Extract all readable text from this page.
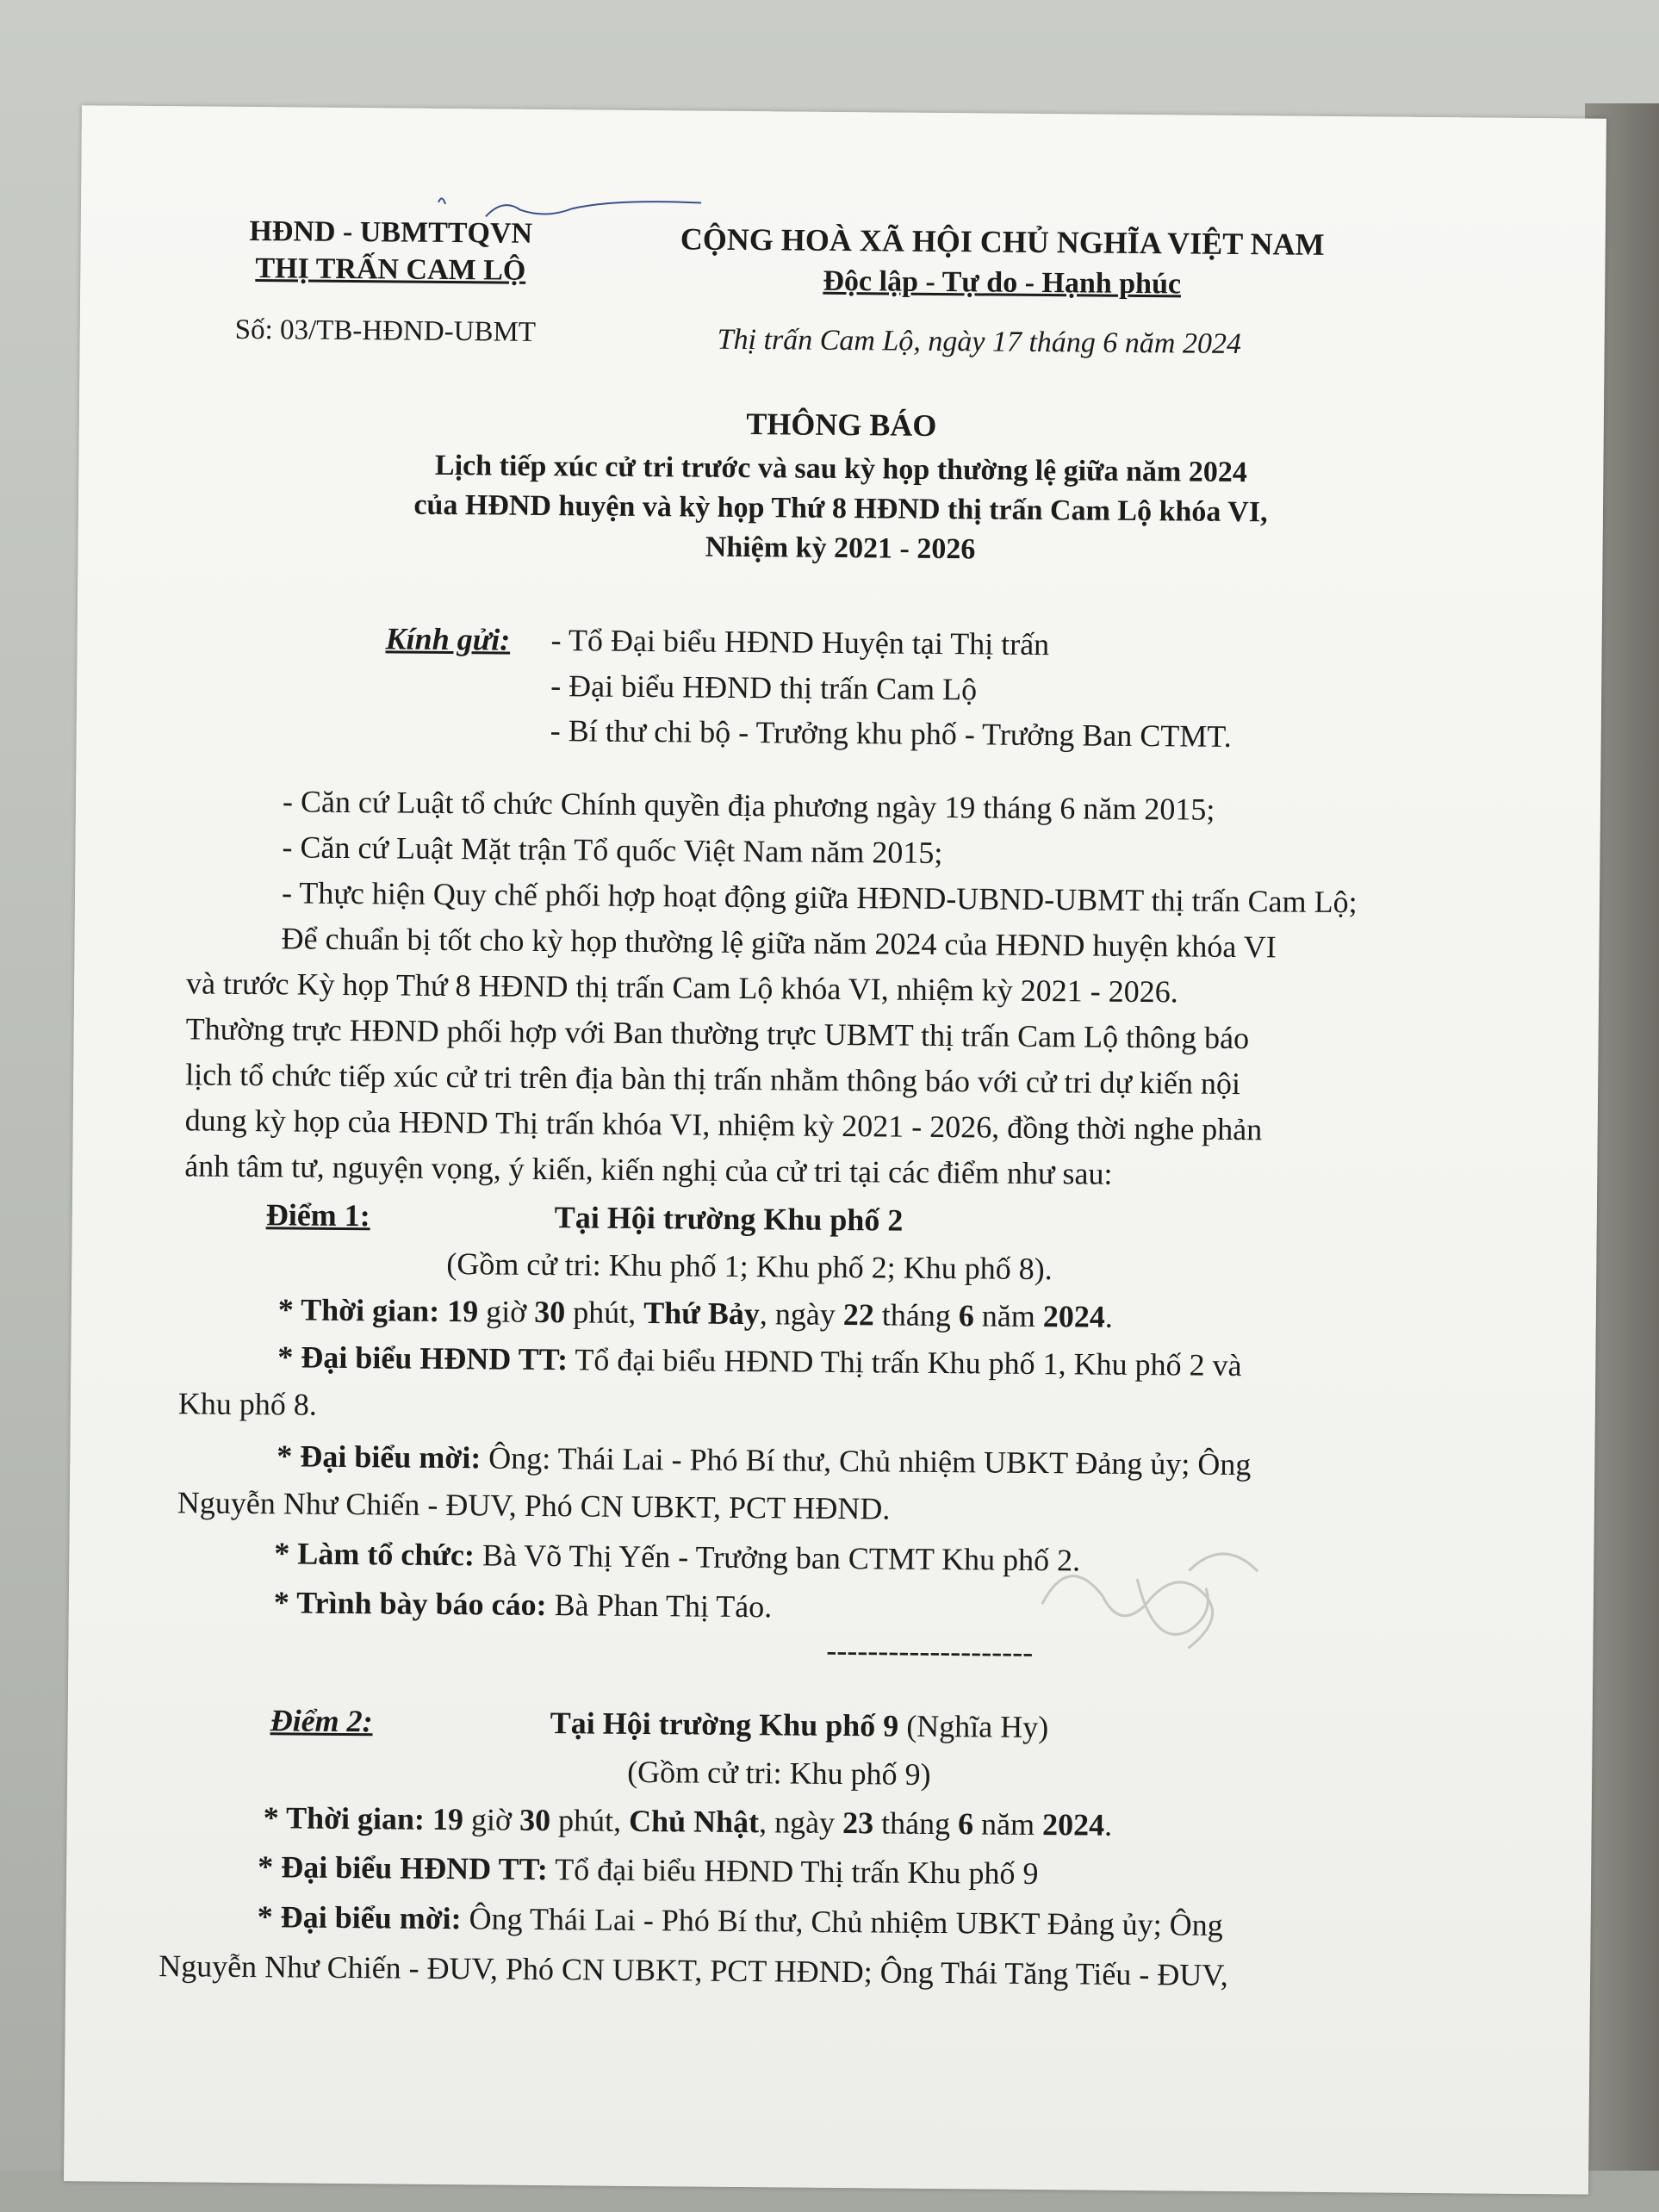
HĐND - UBMTTQVN
THỊ TRẤN CAM LỘ
Số: 03/TB-HĐND-UBMT
CỘNG HOÀ XÃ HỘI CHỦ NGHĨA VIỆT NAM
Độc lập - Tự do - Hạnh phúc
Thị trấn Cam Lộ, ngày 17 tháng 6 năm 2024
THÔNG BÁO
Lịch tiếp xúc cử tri trước và sau kỳ họp thường lệ giữa năm 2024
của HĐND huyện và kỳ họp Thứ 8 HĐND thị trấn Cam Lộ khóa VI,
Nhiệm kỳ 2021 - 2026
Kính gửi: - Tổ Đại biểu HĐND Huyện tại Thị trấn
- Đại biểu HĐND thị trấn Cam Lộ
- Bí thư chi bộ - Trưởng khu phố - Trưởng Ban CTMT.
- Căn cứ Luật tổ chức Chính quyền địa phương ngày 19 tháng 6 năm 2015;
- Căn cứ Luật Mặt trận Tổ quốc Việt Nam năm 2015;
- Thực hiện Quy chế phối hợp hoạt động giữa HĐND-UBND-UBMT thị trấn Cam Lộ;
Để chuẩn bị tốt cho kỳ họp thường lệ giữa năm 2024 của HĐND huyện khóa VI
và trước Kỳ họp Thứ 8 HĐND thị trấn Cam Lộ khóa VI, nhiệm kỳ 2021 - 2026.
Thường trực HĐND phối hợp với Ban thường trực UBMT thị trấn Cam Lộ thông báo
lịch tổ chức tiếp xúc cử tri trên địa bàn thị trấn nhằm thông báo với cử tri dự kiến nội
dung kỳ họp của HĐND Thị trấn khóa VI, nhiệm kỳ 2021 - 2026, đồng thời nghe phản
ánh tâm tư, nguyện vọng, ý kiến, kiến nghị của cử tri tại các điểm như sau:
Điểm 1:	Tại Hội trường Khu phố 2
(Gồm cử tri: Khu phố 1; Khu phố 2; Khu phố 8).
* Thời gian: 19 giờ 30 phút, Thứ Bảy, ngày 22 tháng 6 năm 2024.
* Đại biểu HĐND TT: Tổ đại biểu HĐND Thị trấn Khu phố 1, Khu phố 2 và
Khu phố 8.
* Đại biểu mời: Ông: Thái Lai - Phó Bí thư, Chủ nhiệm UBKT Đảng ủy; Ông
Nguyễn Như Chiến - ĐUV, Phó CN UBKT, PCT HĐND.
* Làm tổ chức: Bà Võ Thị Yến - Trưởng ban CTMT Khu phố 2.
* Trình bày báo cáo: Bà Phan Thị Táo.
--------------------
Điểm 2:	Tại Hội trường Khu phố 9 (Nghĩa Hy)
(Gồm cử tri: Khu phố 9)
* Thời gian: 19 giờ 30 phút, Chủ Nhật, ngày 23 tháng 6 năm 2024.
* Đại biểu HĐND TT: Tổ đại biểu HĐND Thị trấn Khu phố 9
* Đại biểu mời: Ông Thái Lai - Phó Bí thư, Chủ nhiệm UBKT Đảng ủy; Ông
Nguyễn Như Chiến - ĐUV, Phó CN UBKT, PCT HĐND; Ông Thái Tăng Tiếu - ĐUV,
